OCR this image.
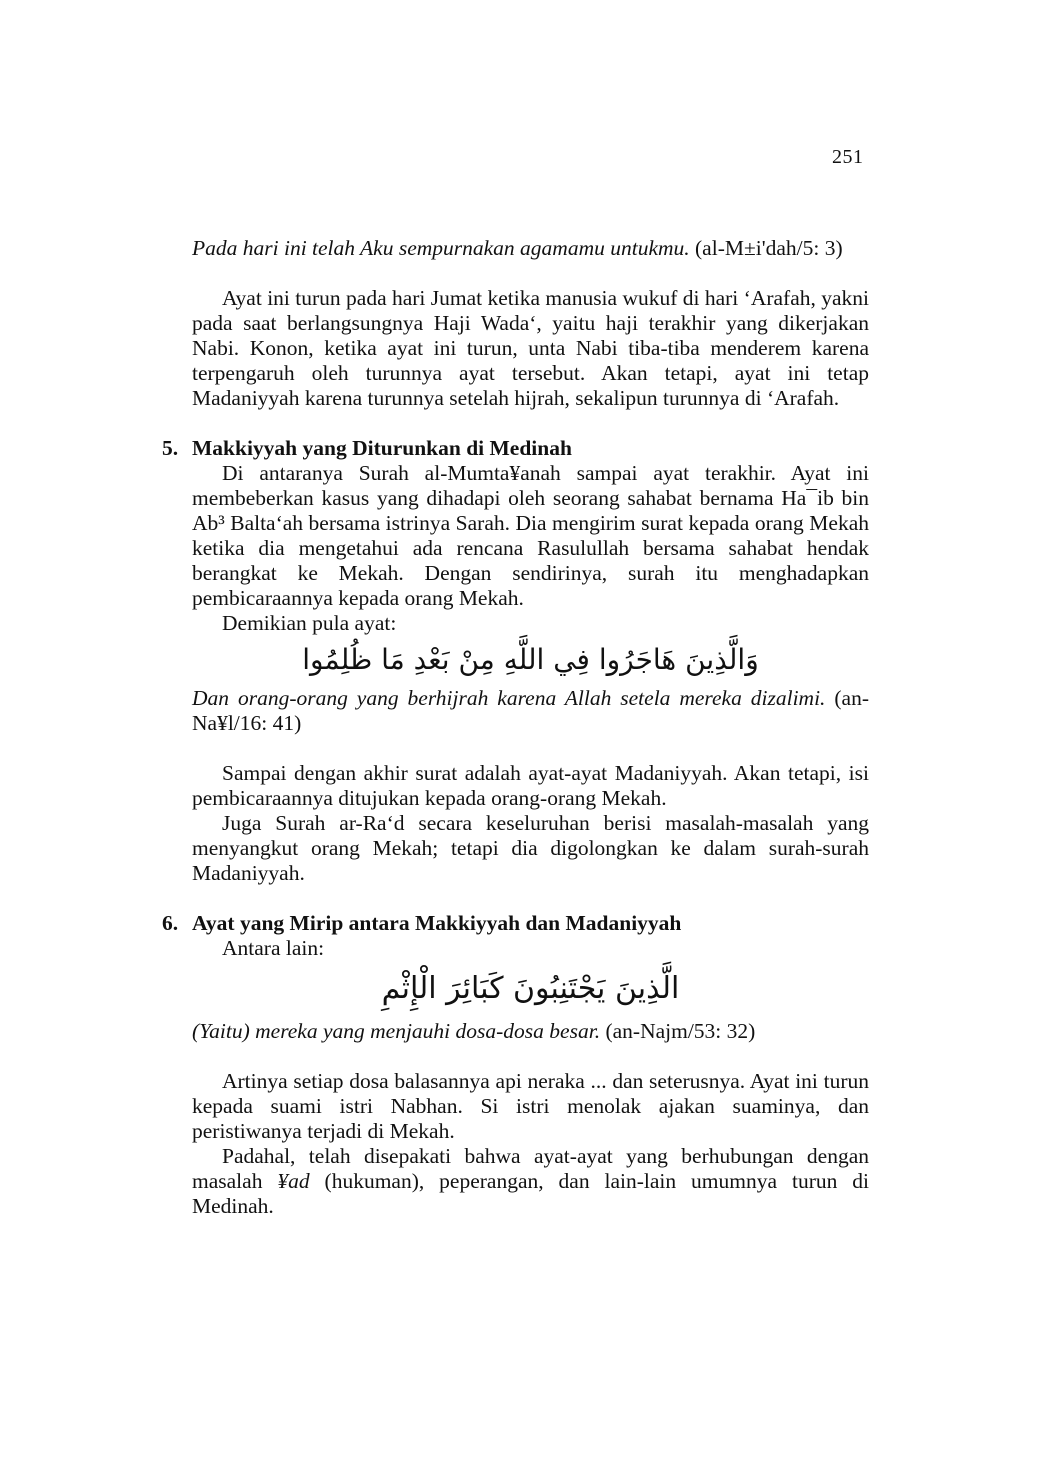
251

Pada hari ini telah Aku sempurnakan agamamu untukmu. (al-M±i'dah/5: 3)

Ayat ini turun pada hari Jumat ketika manusia wukuf di hari ‘Arafah, yakni pada saat berlangsungnya Haji Wada‘, yaitu haji terakhir yang dikerjakan Nabi. Konon, ketika ayat ini turun, unta Nabi tiba-tiba menderem karena terpengaruh oleh turunnya ayat tersebut. Akan tetapi, ayat ini tetap Madaniyyah karena turunnya setelah hijrah, sekalipun turunnya di ‘Arafah.

5. Makkiyyah yang Diturunkan di Medinah

Di antaranya Surah al-Mumta¥anah sampai ayat terakhir. Ayat ini membeberkan kasus yang dihadapi oleh seorang sahabat bernama Ha¯ib bin Ab³ Balta‘ah bersama istrinya Sarah. Dia mengirim surat kepada orang Mekah ketika dia mengetahui ada rencana Rasulullah bersama sahabat hendak berangkat ke Mekah. Dengan sendirinya, surah itu menghadapkan pembicaraannya kepada orang Mekah.

Demikian pula ayat:

وَالَّذِينَ هَاجَرُوا فِي اللَّهِ مِنْ بَعْدِ مَا ظُلِمُوا

Dan orang-orang yang berhijrah karena Allah setela mereka dizalimi. (an-Na¥l/16: 41)

Sampai dengan akhir surat adalah ayat-ayat Madaniyyah. Akan tetapi, isi pembicaraannya ditujukan kepada orang-orang Mekah.

Juga Surah ar-Ra‘d secara keseluruhan berisi masalah-masalah yang menyangkut orang Mekah; tetapi dia digolongkan ke dalam surah-surah Madaniyyah.

6. Ayat yang Mirip antara Makkiyyah dan Madaniyyah

Antara lain:

الَّذِينَ يَجْتَنِبُونَ كَبَائِرَ الْإِثْمِ

(Yaitu) mereka yang menjauhi dosa-dosa besar. (an-Najm/53: 32)

Artinya setiap dosa balasannya api neraka ... dan seterusnya. Ayat ini turun kepada suami istri Nabhan. Si istri menolak ajakan suaminya, dan peristiwanya terjadi di Mekah.

Padahal, telah disepakati bahwa ayat-ayat yang berhubungan dengan masalah ¥ad (hukuman), peperangan, dan lain-lain umumnya turun di Medinah.
